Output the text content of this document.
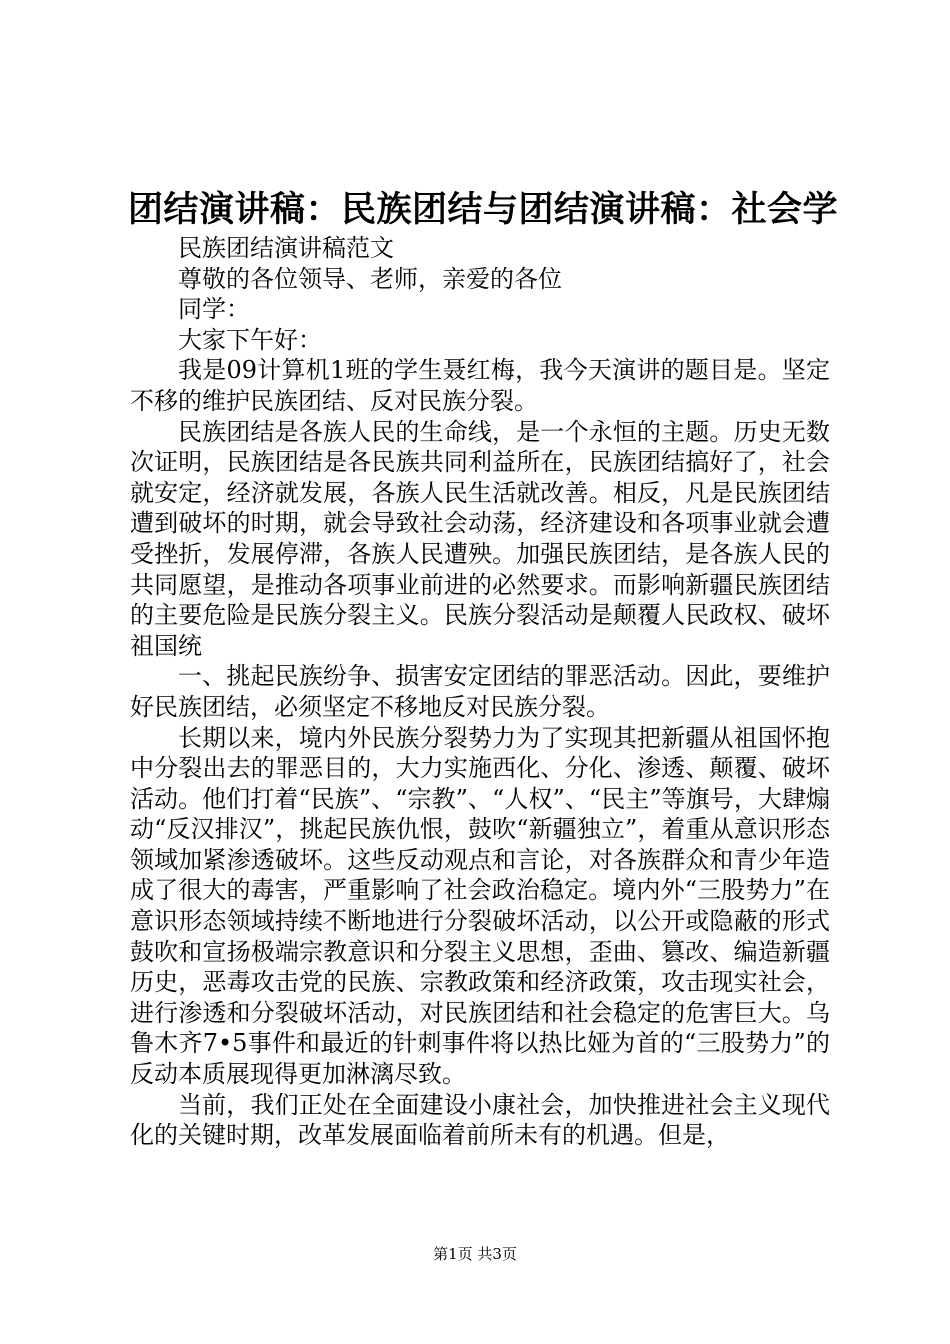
团结演讲稿：民族团结与团结演讲稿：社会学

民族团结演讲稿范文

尊敬的各位领导、老师，亲爱的各位

同学：

大家下午好：

我是09计算机1班的学生聂红梅，我今天演讲的题目是。坚定不移的维护民族团结、反对民族分裂。

民族团结是各族人民的生命线，是一个永恒的主题。历史无数次证明，民族团结是各民族共同利益所在，民族团结搞好了，社会就安定，经济就发展，各族人民生活就改善。相反，凡是民族团结遭到破坏的时期，就会导致社会动荡，经济建设和各项事业就会遭受挫折，发展停滞，各族人民遭殃。加强民族团结，是各族人民的共同愿望，是推动各项事业前进的必然要求。而影响新疆民族团结的主要危险是民族分裂主义。民族分裂活动是颠覆人民政权、破坏祖国统

一、挑起民族纷争、损害安定团结的罪恶活动。因此，要维护好民族团结，必须坚定不移地反对民族分裂。

长期以来，境内外民族分裂势力为了实现其把新疆从祖国怀抱中分裂出去的罪恶目的，大力实施西化、分化、渗透、颠覆、破坏活动。他们打着“民族”、“宗教”、“人权”、“民主”等旗号，大肆煽动“反汉排汉”，挑起民族仇恨，鼓吹“新疆独立”，着重从意识形态领域加紧渗透破坏。这些反动观点和言论，对各族群众和青少年造成了很大的毒害，严重影响了社会政治稳定。境内外“三股势力”在意识形态领域持续不断地进行分裂破坏活动，以公开或隐蔽的形式鼓吹和宣扬极端宗教意识和分裂主义思想，歪曲、篡改、编造新疆历史，恶毒攻击党的民族、宗教政策和经济政策，攻击现实社会，进行渗透和分裂破坏活动，对民族团结和社会稳定的危害巨大。乌鲁木齐7•5事件和最近的针刺事件将以热比娅为首的“三股势力”的反动本质展现得更加淋漓尽致。

当前，我们正处在全面建设小康社会，加快推进社会主义现代化的关键时期，改革发展面临着前所未有的机遇。但是，

第1页 共3页
